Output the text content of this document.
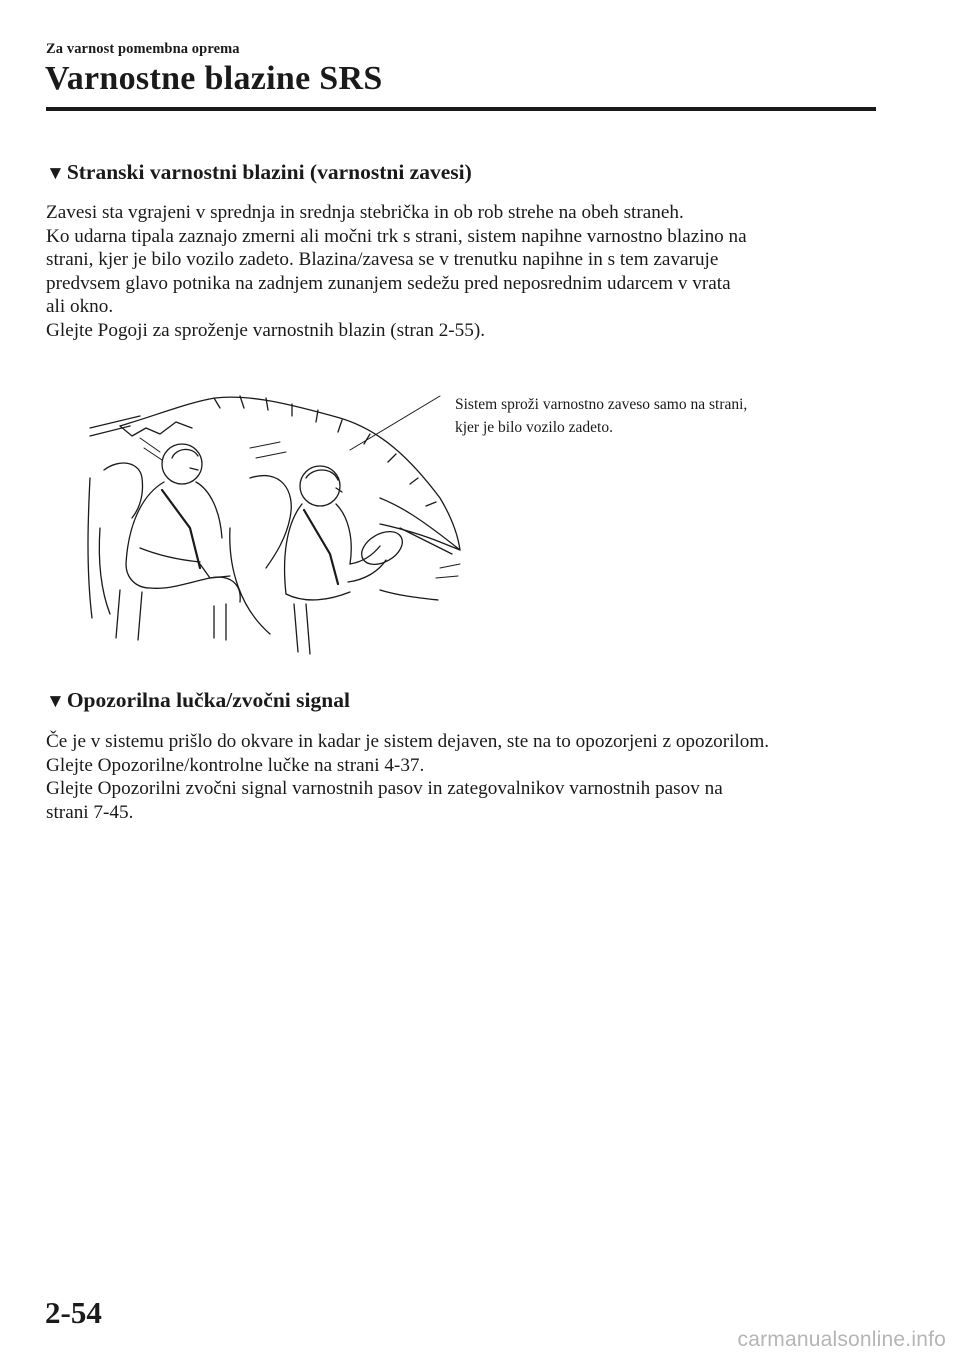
Za varnost pomembna oprema
Varnostne blazine SRS
▼ Stranski varnostni blazini (varnostni zavesi)
Zavesi sta vgrajeni v sprednja in srednja stebrička in ob rob strehe na obeh straneh.
Ko udarna tipala zaznajo zmerni ali močni trk s strani, sistem napihne varnostno blazino na
strani, kjer je bilo vozilo zadeto. Blazina/zavesa se v trenutku napihne in s tem zavaruje
predvsem glavo potnika na zadnjem zunanjem sedežu pred neposrednim udarcem v vrata
ali okno.
Glejte Pogoji za sproženje varnostnih blazin (stran 2-55).
Sistem sproži varnostno zaveso samo na strani,
kjer je bilo vozilo zadeto.
▼ Opozorilna lučka/zvočni signal
Če je v sistemu prišlo do okvare in kadar je sistem dejaven, ste na to opozorjeni z opozorilom.
Glejte Opozorilne/kontrolne lučke na strani 4-37.
Glejte Opozorilni zvočni signal varnostnih pasov in zategovalnikov varnostnih pasov na
strani 7-45.
2-54
carmanualsonline.info
